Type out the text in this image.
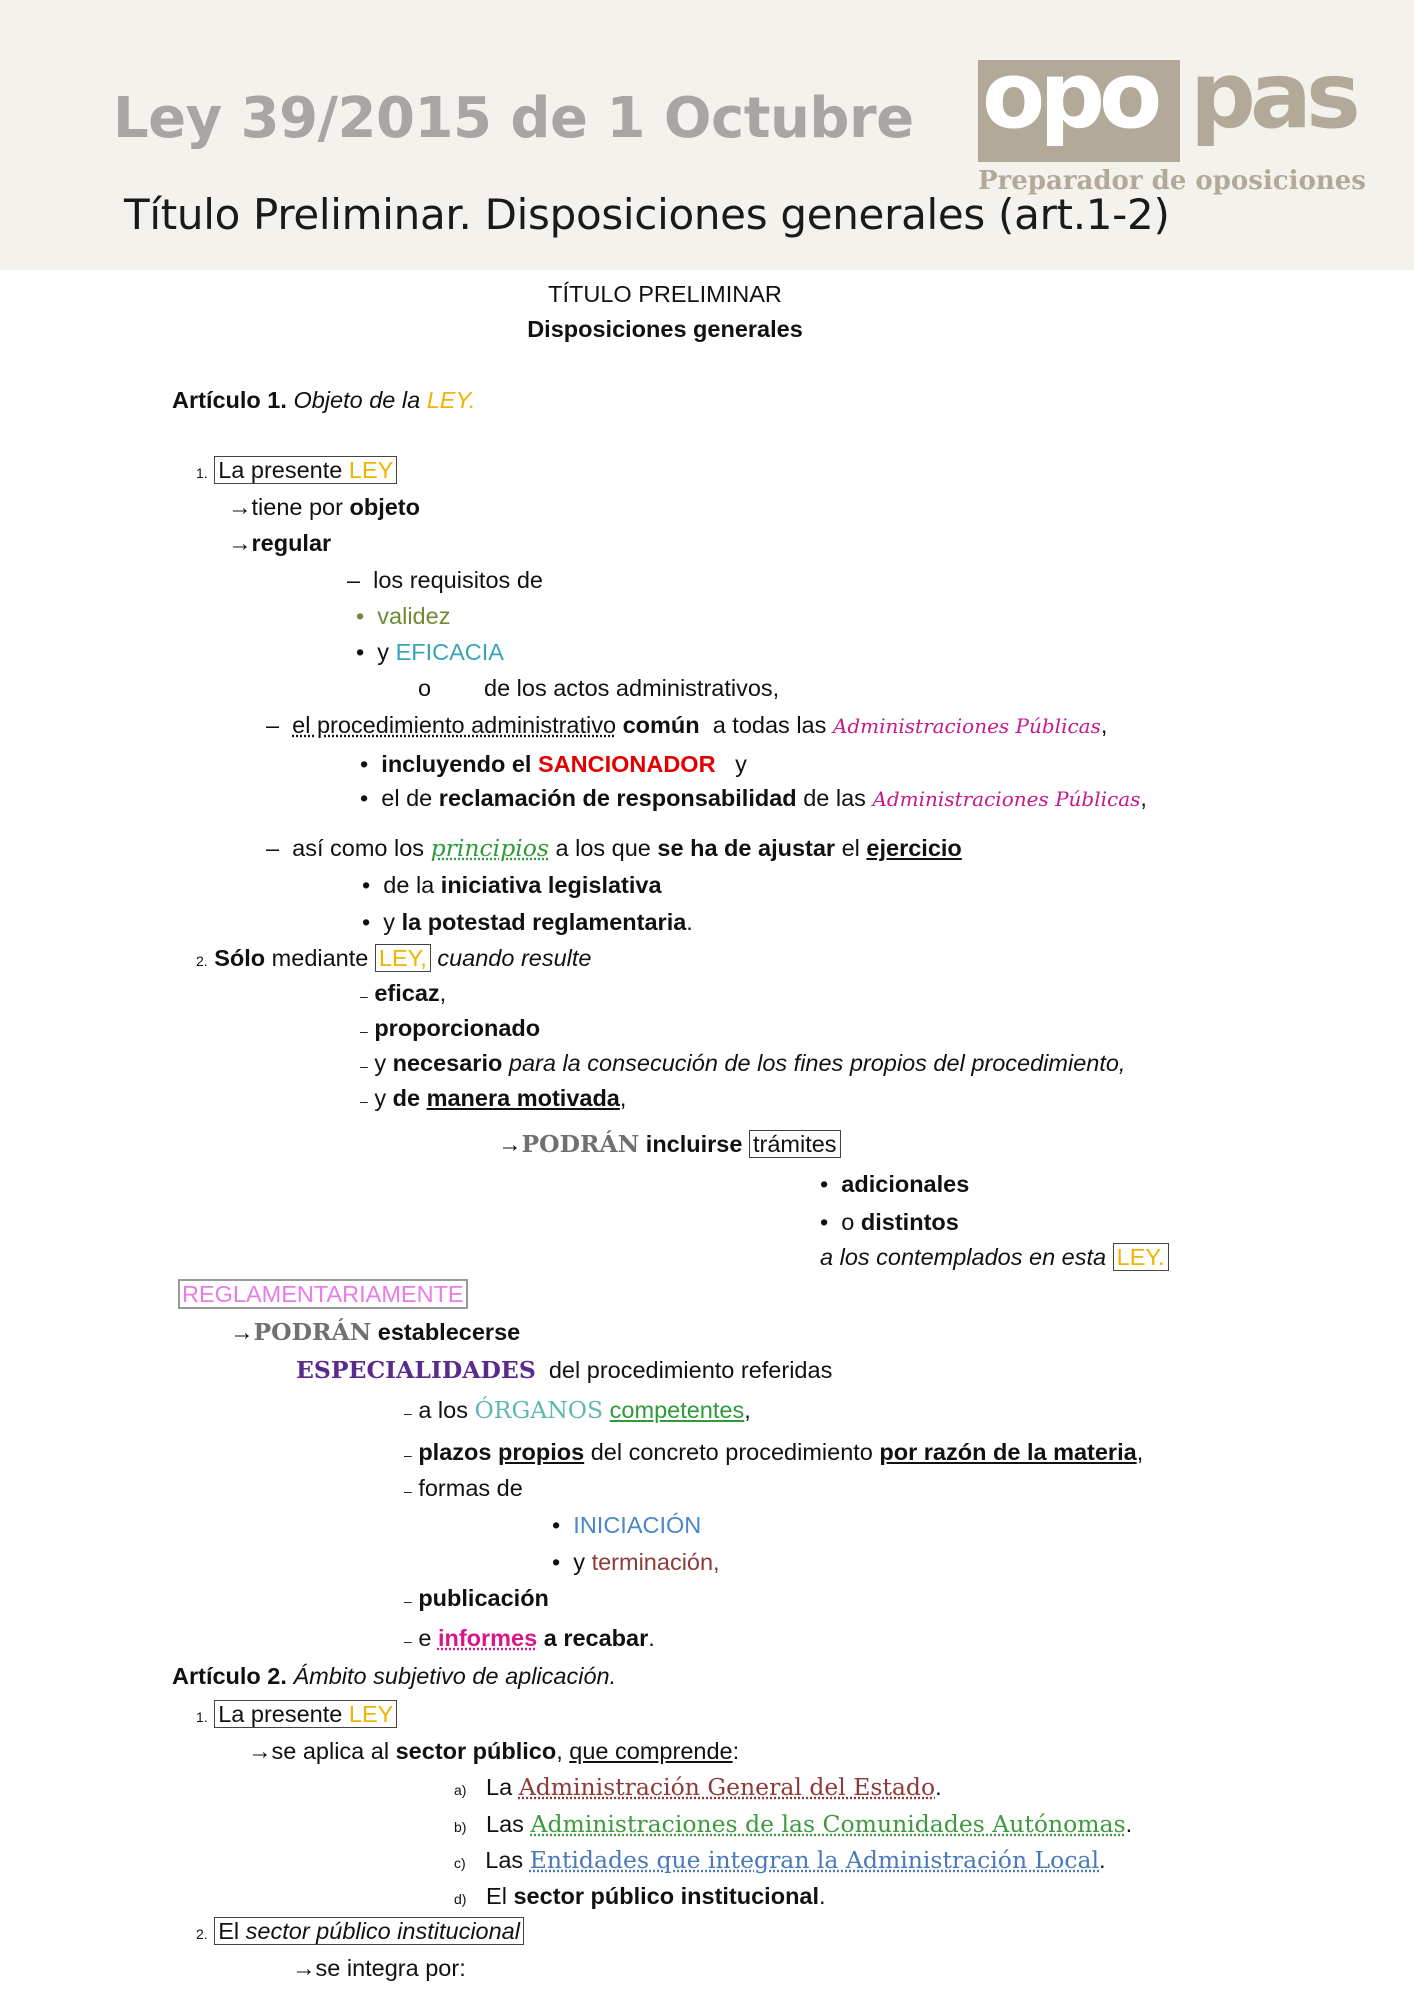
Ley 39/2015 de 1 Octubre
Título Preliminar. Disposiciones generales (art.1-2)
opo pas
Preparador de oposiciones
TÍTULO PRELIMINAR
Disposiciones generales
Artículo 1. Objeto de la LEY.
1. La presente LEY
→tiene por objeto
→regular
– los requisitos de
• validez
• y EFICACIA
o de los actos administrativos,
– el procedimiento administrativo común a todas las Administraciones Públicas,
• incluyendo el SANCIONADOR y
• el de reclamación de responsabilidad de las Administraciones Públicas,
– así como los principios a los que se ha de ajustar el ejercicio
• de la iniciativa legislativa
• y la potestad reglamentaria.
2. Sólo mediante LEY, cuando resulte
– eficaz,
– proporcionado
– y necesario para la consecución de los fines propios del procedimiento,
– y de manera motivada,
→PODRÁN incluirse trámites
• adicionales
• o distintos
a los contemplados en esta LEY.
REGLAMENTARIAMENTE
→PODRÁN establecerse
ESPECIALIDADES del procedimiento referidas
– a los ÓRGANOS competentes,
– plazos propios del concreto procedimiento por razón de la materia,
– formas de
• INICIACIÓN
• y terminación,
– publicación
– e informes a recabar.
Artículo 2. Ámbito subjetivo de aplicación.
1. La presente LEY
→se aplica al sector público, que comprende:
a) La Administración General del Estado.
b) Las Administraciones de las Comunidades Autónomas.
c) Las Entidades que integran la Administración Local.
d) El sector público institucional.
2. El sector público institucional
→se integra por:
